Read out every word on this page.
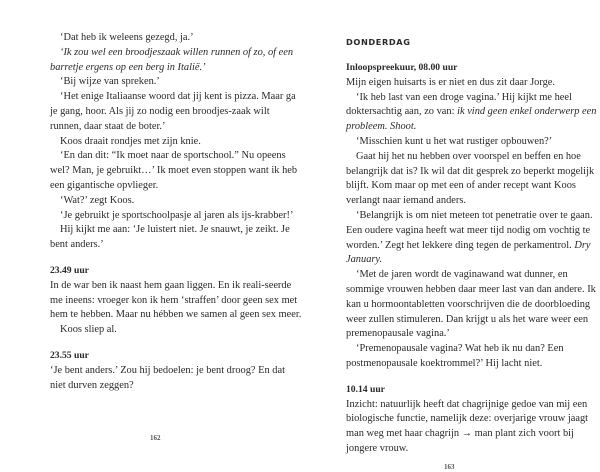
‘Dat heb ik weleens gezegd, ja.’

‘Ik zou wel een broodjeszaak willen runnen of zo, of een barretje ergens op een berg in Italië.’

‘Bij wijze van spreken.’

‘Het enige Italiaanse woord dat jij kent is pizza. Maar ga je gang, hoor. Als jij zo nodig een broodjes-zaak wilt runnen, daar staat de boter.’

Koos draait rondjes met zijn knie.

‘En dan dit: “Ik moet naar de sportschool.” Nu opeens wel? Man, je gebruikt…’ Ik moet even stoppen want ik heb een gigantische opvlieger.

‘Wat?’ zegt Koos.

‘Je gebruikt je sportschoolpasje al jaren als ijs-krabber!’

Hij kijkt me aan: ‘Je luistert niet. Je snauwt, je zeikt. Je bent anders.’

23.49 uur

In de war ben ik naast hem gaan liggen. En ik reali-seerde me ineens: vroeger kon ik hem ‘straffen’ door geen sex met hem te hebben. Maar nu hébben we samen al geen sex meer.

Koos sliep al.

23.55 uur

‘Je bent anders.’ Zou hij bedoelen: je bent droog? En dat niet durven zeggen?

162
DONDERDAG

Inloopspreekuur, 08.00 uur

Mijn eigen huisarts is er niet en dus zit daar Jorge.

‘Ik heb last van een droge vagina.’ Hij kijkt me heel doktersachtig aan, zo van: ik vind geen enkel onderwerp een probleem. Shoot.

‘Misschien kunt u het wat rustiger opbouwen?’

Gaat hij het nu hebben over voorspel en beffen en hoe belangrijk dat is? Ik wil dat dit gesprek zo beperkt mogelijk blijft. Kom maar op met een of ander recept want Koos verlangt naar iemand anders.

‘Belangrijk is om niet meteen tot penetratie over te gaan. Een oudere vagina heeft wat meer tijd nodig om vochtig te worden.’ Zegt het lekkere ding tegen de perkamentrol. Dry January.

‘Met de jaren wordt de vaginawand wat dunner, en sommige vrouwen hebben daar meer last van dan andere. Ik kan u hormoontabletten voorschrijven die de doorbloeding weer zullen stimuleren. Dan krijgt u als het ware weer een premenopausale vagina.’

‘Premenopausale vagina? Wat heb ik nu dan? Een postmenopausale koektrommel?’ Hij lacht niet.

10.14 uur

Inzicht: natuurlijk heeft dat chagrijnige gedoe van mij een biologische functie, namelijk deze: overjarige vrouw jaagt man weg met haar chagrijn → man plant zich voort bij jongere vrouw.

163
